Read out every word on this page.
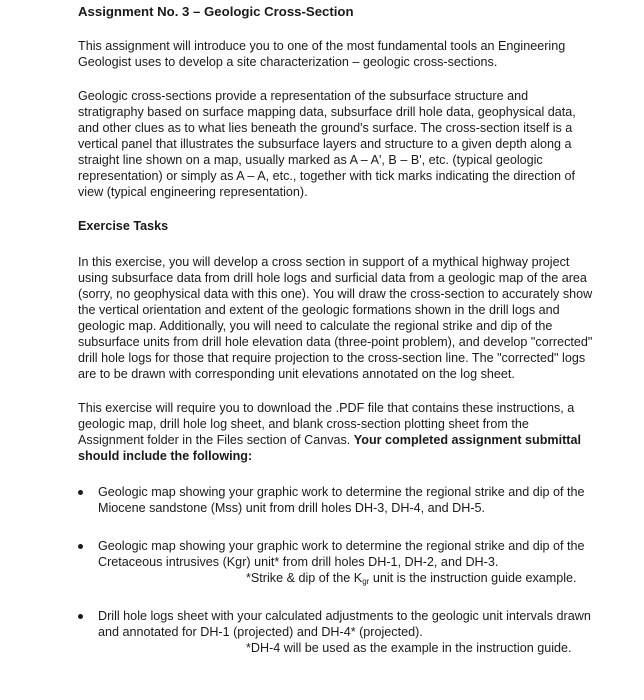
Assignment No. 3 – Geologic Cross-Section

This assignment will introduce you to one of the most fundamental tools an Engineering Geologist uses to develop a site characterization – geologic cross-sections.

Geologic cross-sections provide a representation of the subsurface structure and stratigraphy based on surface mapping data, subsurface drill hole data, geophysical data, and other clues as to what lies beneath the ground's surface. The cross-section itself is a vertical panel that illustrates the subsurface layers and structure to a given depth along a straight line shown on a map, usually marked as A – A', B – B', etc. (typical geologic representation) or simply as A – A, etc., together with tick marks indicating the direction of view (typical engineering representation).

Exercise Tasks

In this exercise, you will develop a cross section in support of a mythical highway project using subsurface data from drill hole logs and surficial data from a geologic map of the area (sorry, no geophysical data with this one). You will draw the cross-section to accurately show the vertical orientation and extent of the geologic formations shown in the drill logs and geologic map. Additionally, you will need to calculate the regional strike and dip of the subsurface units from drill hole elevation data (three-point problem), and develop "corrected" drill hole logs for those that require projection to the cross-section line. The "corrected" logs are to be drawn with corresponding unit elevations annotated on the log sheet.

This exercise will require you to download the .PDF file that contains these instructions, a geologic map, drill hole log sheet, and blank cross-section plotting sheet from the Assignment folder in the Files section of Canvas. Your completed assignment submittal should include the following:

Geologic map showing your graphic work to determine the regional strike and dip of the Miocene sandstone (Mss) unit from drill holes DH-3, DH-4, and DH-5.
Geologic map showing your graphic work to determine the regional strike and dip of the Cretaceous intrusives (Kgr) unit* from drill holes DH-1, DH-2, and DH-3.
*Strike & dip of the $K_{gr}$ unit is the instruction guide example.
Drill hole logs sheet with your calculated adjustments to the geologic unit intervals drawn and annotated for DH-1 (projected) and DH-4* (projected).
*DH-4 will be used as the example in the instruction guide.
